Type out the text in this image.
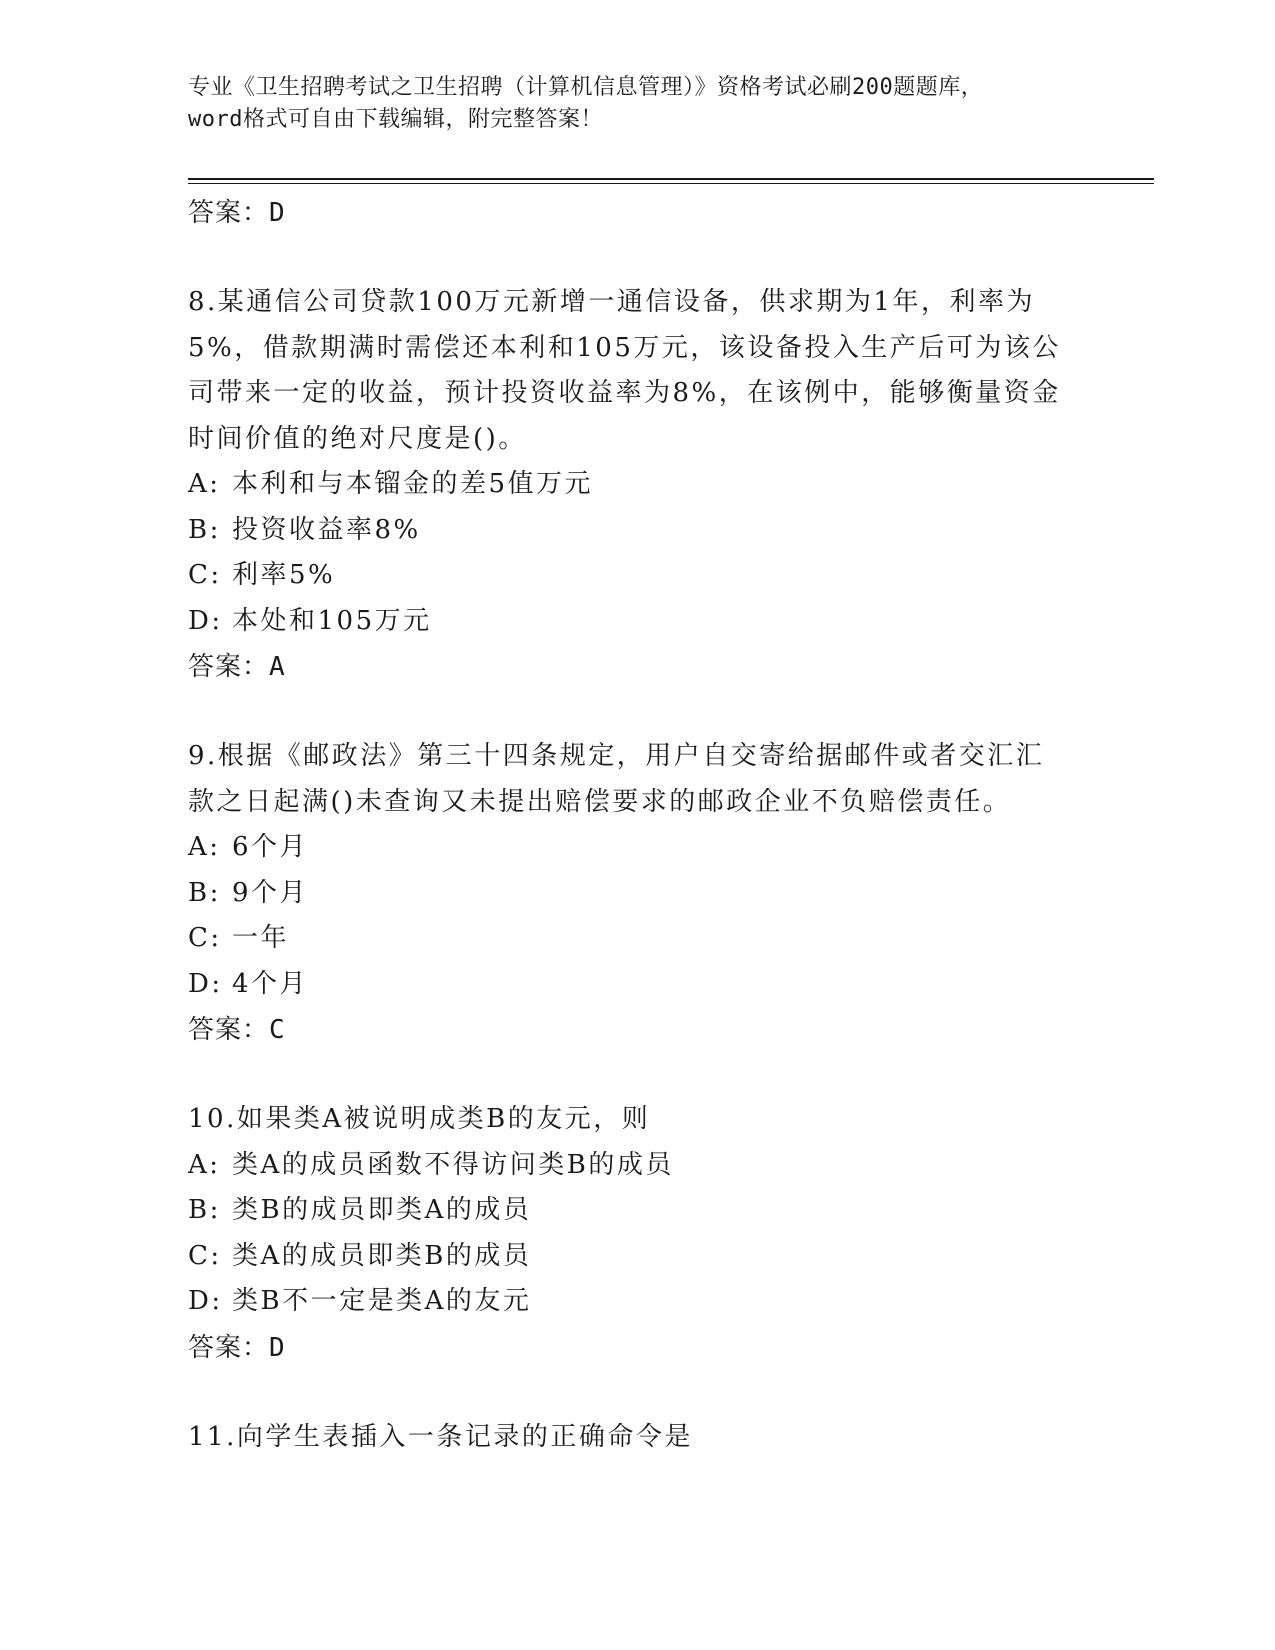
专业《卫生招聘考试之卫生招聘（计算机信息管理）》资格考试必刷200题题库，
word格式可自由下载编辑，附完整答案！
答案：D
8.某通信公司贷款100万元新增一通信设备，供求期为1年，利率为5%，借款期满时需偿还本利和105万元，该设备投入生产后可为该公司带来一定的收益，预计投资收益率为8%，在该例中，能够衡量资金时间价值的绝对尺度是()。
A: 本利和与本镏金的差5值万元
B: 投资收益率8%
C: 利率5%
D: 本处和105万元
答案：A
9.根据《邮政法》第三十四条规定，用户自交寄给据邮件或者交汇汇款之日起满()未查询又未提出赔偿要求的邮政企业不负赔偿责任。
A: 6个月
B: 9个月
C: 一年
D: 4个月
答案：C
10.如果类A被说明成类B的友元，则
A: 类A的成员函数不得访问类B的成员
B: 类B的成员即类A的成员
C: 类A的成员即类B的成员
D: 类B不一定是类A的友元
答案：D
11.向学生表插入一条记录的正确命令是
